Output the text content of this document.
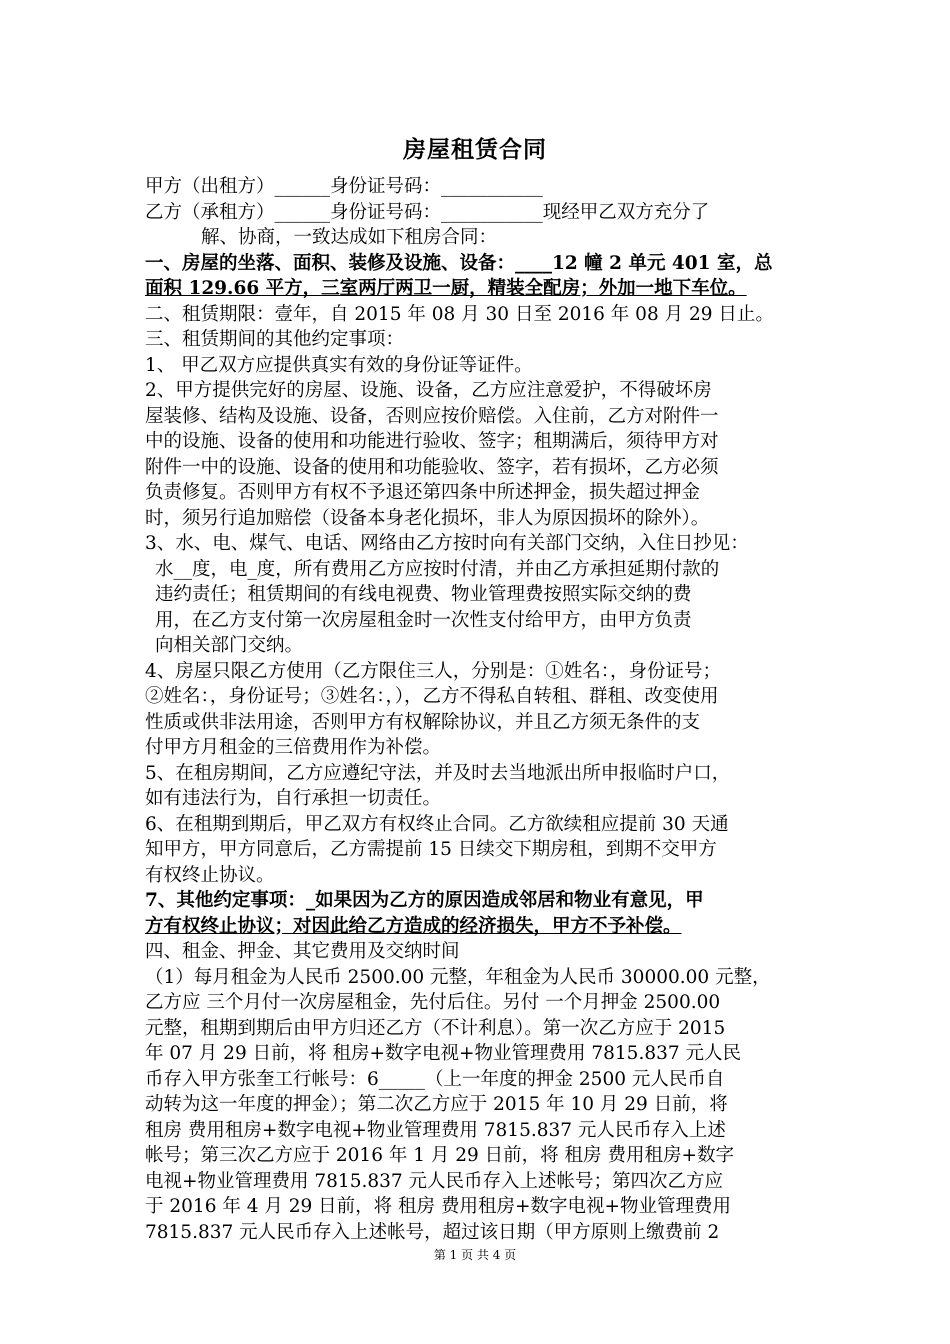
房屋租赁合同

甲方（出租方）______身份证号码：___________

乙方（承租方）______身份证号码：___________现经甲乙双方充分了

解、协商，一致达成如下租房合同：

一、房屋的坐落、面积、装修及设施、设备：____12 幢 2 单元 401 室，总

面积 129.66 平方，三室两厅两卫一厨，精装全配房；外加一地下车位。

二、租赁期限：壹年，自 2015 年 08 月 30 日至 2016 年 08 月 29 日止。

三、租赁期间的其他约定事项：

1、 甲乙双方应提供真实有效的身份证等证件。

2、甲方提供完好的房屋、设施、设备，乙方应注意爱护，不得破坏房

屋装修、结构及设施、设备，否则应按价赔偿。入住前，乙方对附件一

中的设施、设备的使用和功能进行验收、签字；租期满后，须待甲方对

附件一中的设施、设备的使用和功能验收、签字，若有损坏，乙方必须

负责修复。否则甲方有权不予退还第四条中所述押金，损失超过押金

时，须另行追加赔偿（设备本身老化损坏，非人为原因损坏的除外）。

3、水、电、煤气、电话、网络由乙方按时向有关部门交纳，入住日抄见：

水__度，电_度，所有费用乙方应按时付清，并由乙方承担延期付款的

违约责任；租赁期间的有线电视费、物业管理费按照实际交纳的费

用，在乙方支付第一次房屋租金时一次性支付给甲方，由甲方负责

向相关部门交纳。

4、房屋只限乙方使用（乙方限住三人，分别是：①姓名：，身份证号；

②姓名：，身份证号；③姓名：，），乙方不得私自转租、群租、改变使用

性质或供非法用途，否则甲方有权解除协议，并且乙方须无条件的支

付甲方月租金的三倍费用作为补偿。

5、在租房期间，乙方应遵纪守法，并及时去当地派出所申报临时户口，

如有违法行为，自行承担一切责任。

6、在租期到期后，甲乙双方有权终止合同。乙方欲续租应提前 30 天通

知甲方，甲方同意后，乙方需提前 15 日续交下期房租，到期不交甲方

有权终止协议。

7、其他约定事项：_如果因为乙方的原因造成邻居和物业有意见，甲

方有权终止协议；对因此给乙方造成的经济损失，甲方不予补偿。

四、租金、押金、其它费用及交纳时间

（1）每月租金为人民币 2500.00 元整，年租金为人民币 30000.00 元整，

乙方应 三个月付一次房屋租金，先付后住。另付 一个月押金 2500.00

元整，租期到期后由甲方归还乙方（不计利息）。第一次乙方应于 2015

年 07 月 29 日前，将 租房+数字电视+物业管理费用 7815.837 元人民

币存入甲方张奎工行帐号：6_____（上一年度的押金 2500 元人民币自

动转为这一年度的押金）；第二次乙方应于 2015 年 10 月 29 日前，将

租房 费用租房+数字电视+物业管理费用 7815.837 元人民币存入上述

帐号；第三次乙方应于 2016 年 1 月 29 日前，将 租房 费用租房+数字

电视+物业管理费用 7815.837 元人民币存入上述帐号；第四次乙方应

于 2016 年 4 月 29 日前，将 租房 费用租房+数字电视+物业管理费用

7815.837 元人民币存入上述帐号，超过该日期（甲方原则上缴费前 2

第 1 页 共 4 页
